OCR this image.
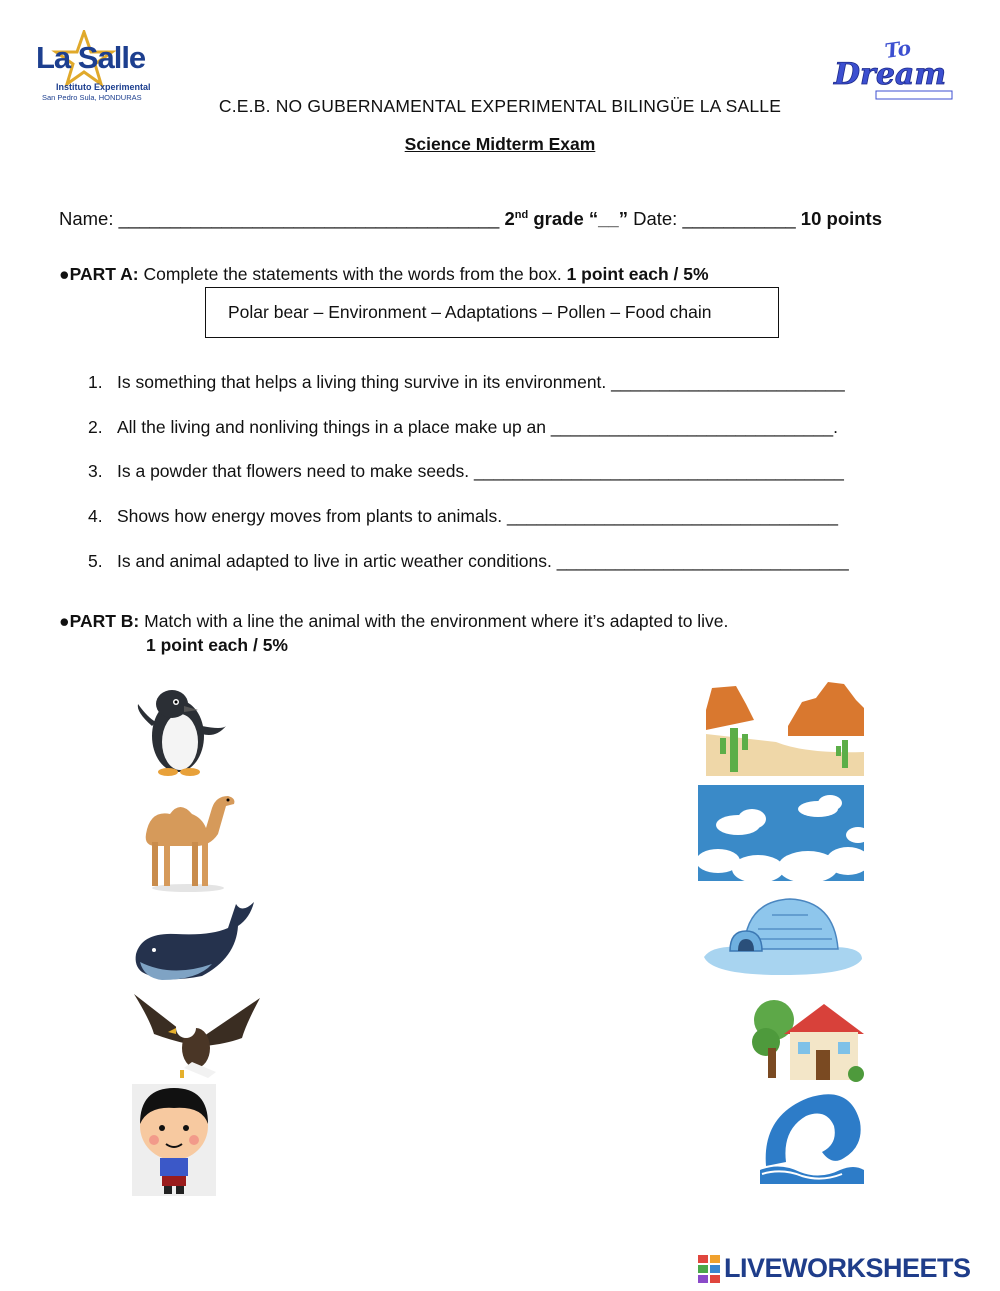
La Salle
Instituto Experimental
San Pedro Sula, HONDURAS
To
Dream
C.E.B. NO GUBERNAMENTAL EXPERIMENTAL BILINGÜE LA SALLE
Science Midterm Exam
Name: _____________________________________ 2nd grade “__” Date: ___________ 10 points
●PART A: Complete the statements with the words from the box. 1 point each / 5%
Polar bear – Environment – Adaptations – Pollen – Food chain
1. Is something that helps a living thing survive in its environment. ________________________
2. All the living and nonliving things in a place make up an _____________________________.
3. Is a powder that flowers need to make seeds. ______________________________________
4. Shows how energy moves from plants to animals. __________________________________
5. Is and animal adapted to live in artic weather conditions. ______________________________
●PART B: Match with a line the animal with the environment where it’s adapted to live.
1 point each / 5%
LIVEWORKSHEETS
